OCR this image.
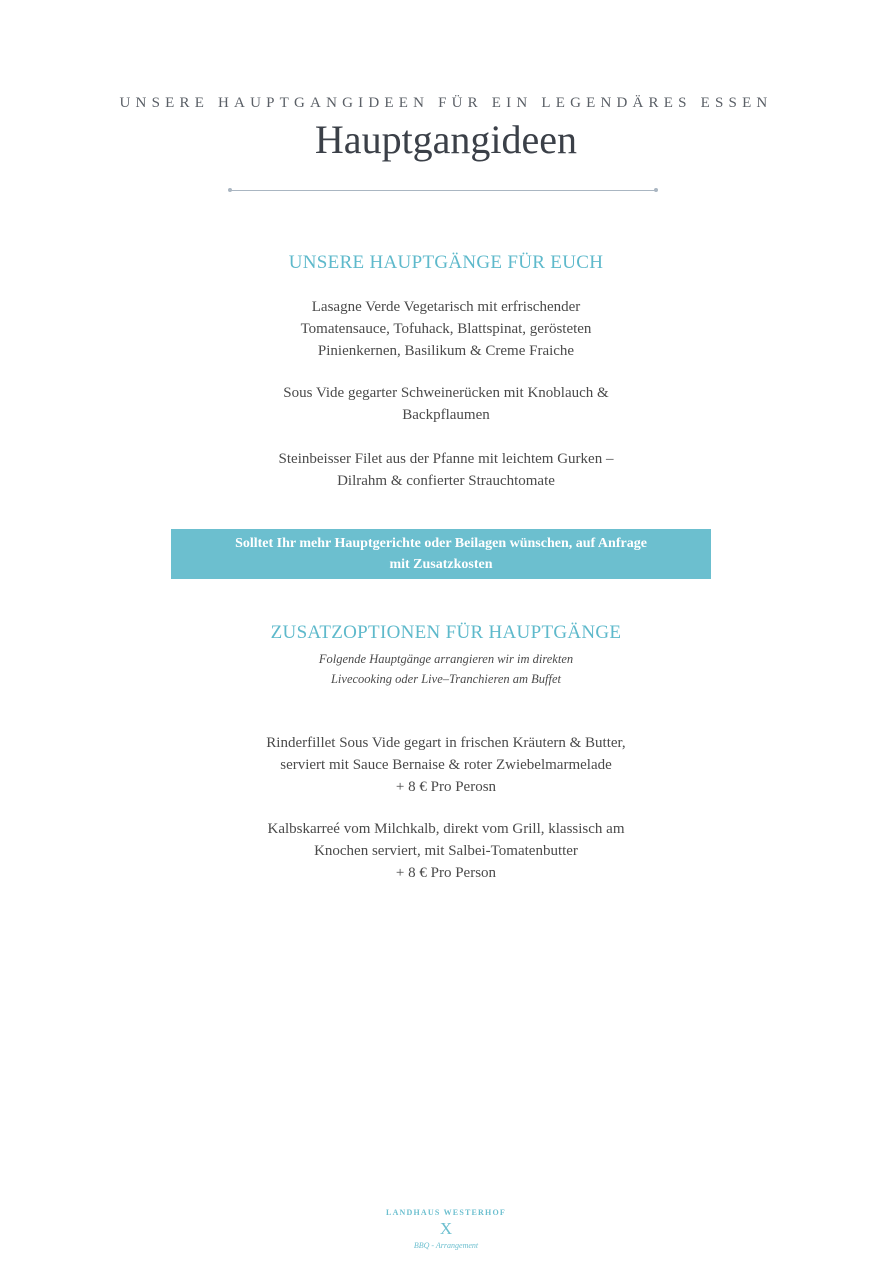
UNSERE HAUPTGANGIDEEN FÜR EIN LEGENDÄRES ESSEN
Hauptgangideen
UNSERE HAUPTGÄNGE FÜR EUCH

Lasagne Verde Vegetarisch mit erfrischender

Tomatensauce, Tofuhack, Blattspinat, gerösteten

Pinienkernen, Basilikum & Creme Fraiche

Sous Vide gegarter Schweinerücken mit Knoblauch &

Backpflaumen

Steinbeisser Filet aus der Pfanne mit leichtem Gurken –

Dilrahm & confierter Strauchtomate

Solltet Ihr mehr Hauptgerichte oder Beilagen wünschen, auf Anfrage

mit Zusatzkosten

ZUSATZOPTIONEN FÜR HAUPTGÄNGE

Folgende Hauptgänge arrangieren wir im direkten

Livecooking oder Live–Tranchieren am Buffet

Rinderfillet Sous Vide gegart in frischen Kräutern & Butter,

serviert mit Sauce Bernaise & roter Zwiebelmarmelade

+ 8 € Pro Perosn

Kalbskarreé vom Milchkalb, direkt vom Grill, klassisch am

Knochen serviert, mit Salbei-Tomatenbutter

+ 8 € Pro Person

LANDHAUS WESTERHOF
X
BBQ - Arrangement
